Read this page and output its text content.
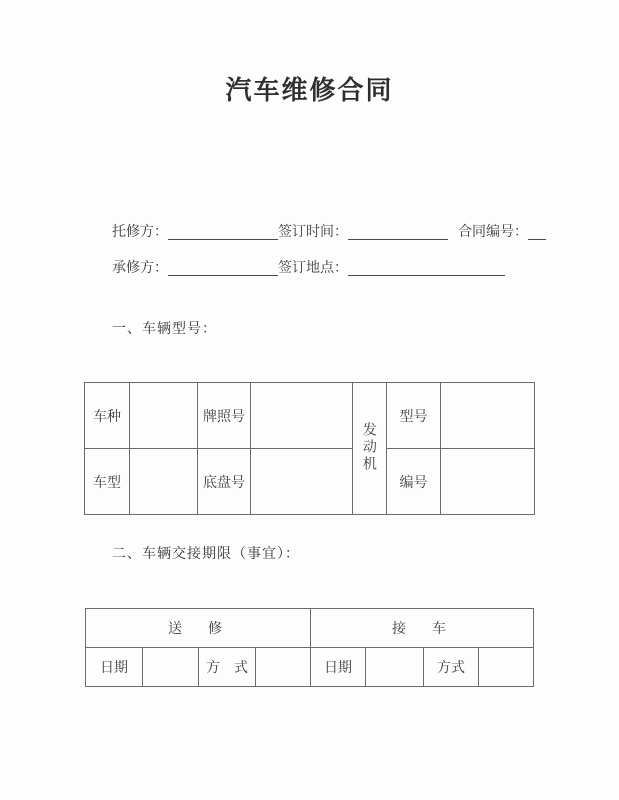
汽车维修合同
托修方：	签订时间：	合同编号：
承修方：	签订地点：
一、车辆型号：
车种		牌照号		发动机	型号	
车型		底盘号			编号	
二、车辆交接期限（事宜）：
送　修				接　车			
日期		方　式		日期		方式	
